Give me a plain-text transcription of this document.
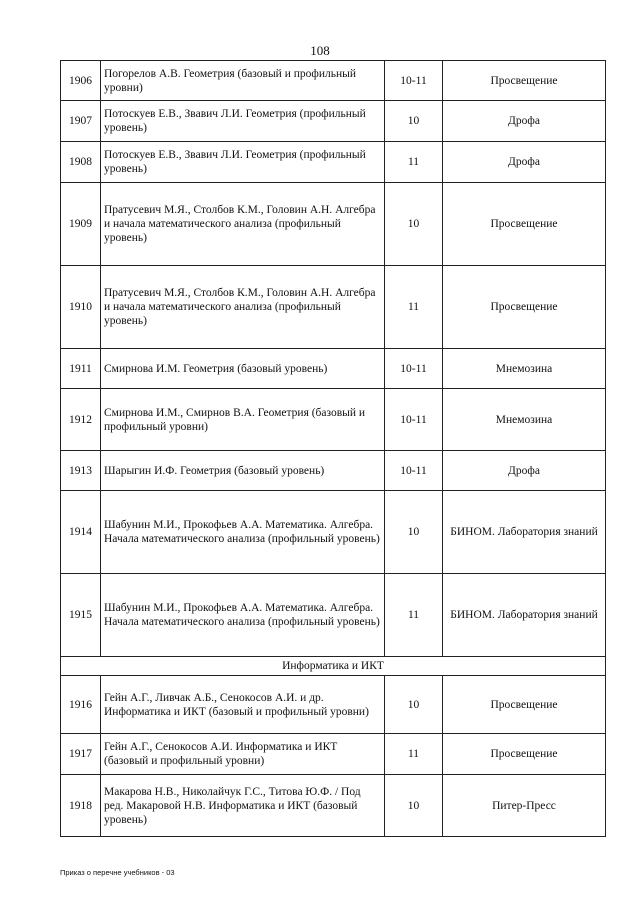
108
1906	Погорелов А.В. Геометрия (базовый и профильный уровни)	10-11	Просвещение
1907	Потоскуев Е.В., Звавич Л.И. Геометрия (профильный уровень)	10	Дрофа
1908	Потоскуев Е.В., Звавич Л.И. Геометрия (профильный уровень)	11	Дрофа
1909	Пратусевич М.Я., Столбов К.М., Головин А.Н. Алгебра и начала математического анализа (профильный уровень)	10	Просвещение
1910	Пратусевич М.Я., Столбов К.М., Головин А.Н. Алгебра и начала математического анализа (профильный уровень)	11	Просвещение
1911	Смирнова И.М. Геометрия (базовый уровень)	10-11	Мнемозина
1912	Смирнова И.М., Смирнов В.А. Геометрия (базовый и профильный уровни)	10-11	Мнемозина
1913	Шарыгин И.Ф. Геометрия (базовый уровень)	10-11	Дрофа
1914	Шабунин М.И., Прокофьев А.А. Математика. Алгебра. Начала математического анализа (профильный уровень)	10	БИНОМ. Лаборатория знаний
1915	Шабунин М.И., Прокофьев А.А. Математика. Алгебра. Начала математического анализа (профильный уровень)	11	БИНОМ. Лаборатория знаний
Информатика и ИКТ			
1916	Гейн А.Г., Ливчак А.Б., Сенокосов А.И. и др. Информатика и ИКТ (базовый и профильный уровни)	10	Просвещение
1917	Гейн А.Г., Сенокосов А.И. Информатика и ИКТ (базовый и профильный уровни)	11	Просвещение
1918	Макарова Н.В., Николайчук Г.С., Титова Ю.Ф. / Под ред. Макаровой Н.В. Информатика и ИКТ (базовый уровень)	10	Питер-Пресс
Приказ о перечне учебников - 03
